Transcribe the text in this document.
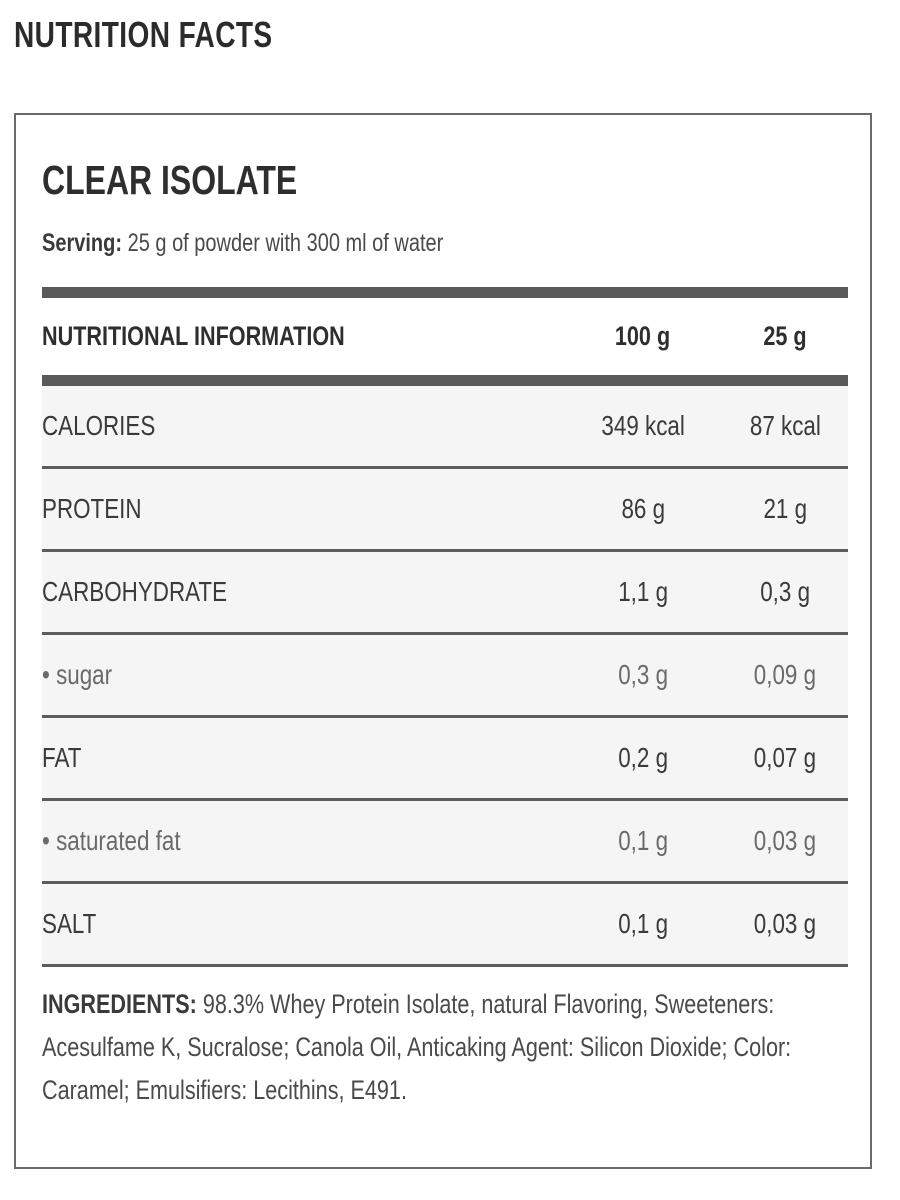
NUTRITION FACTS
CLEAR ISOLATE
Serving: 25 g of powder with 300 ml of water
NUTRITIONAL INFORMATION	100 g	25 g
CALORIES	349 kcal 87 kcal
PROTEIN	86 g	21 g
CARBOHYDRATE	1,1 g	0,3 g
• sugar	0,3 g	0,09 g
FAT	0,2 g	0,07 g
• saturated fat	0,1 g	0,03 g
SALT	0,1 g	0,03 g
INGREDIENTS: 98.3% Whey Protein Isolate, natural Flavoring, Sweeteners:
Acesulfame K, Sucralose; Canola Oil, Anticaking Agent: Silicon Dioxide; Color:
Caramel; Emulsifiers: Lecithins, E491.
